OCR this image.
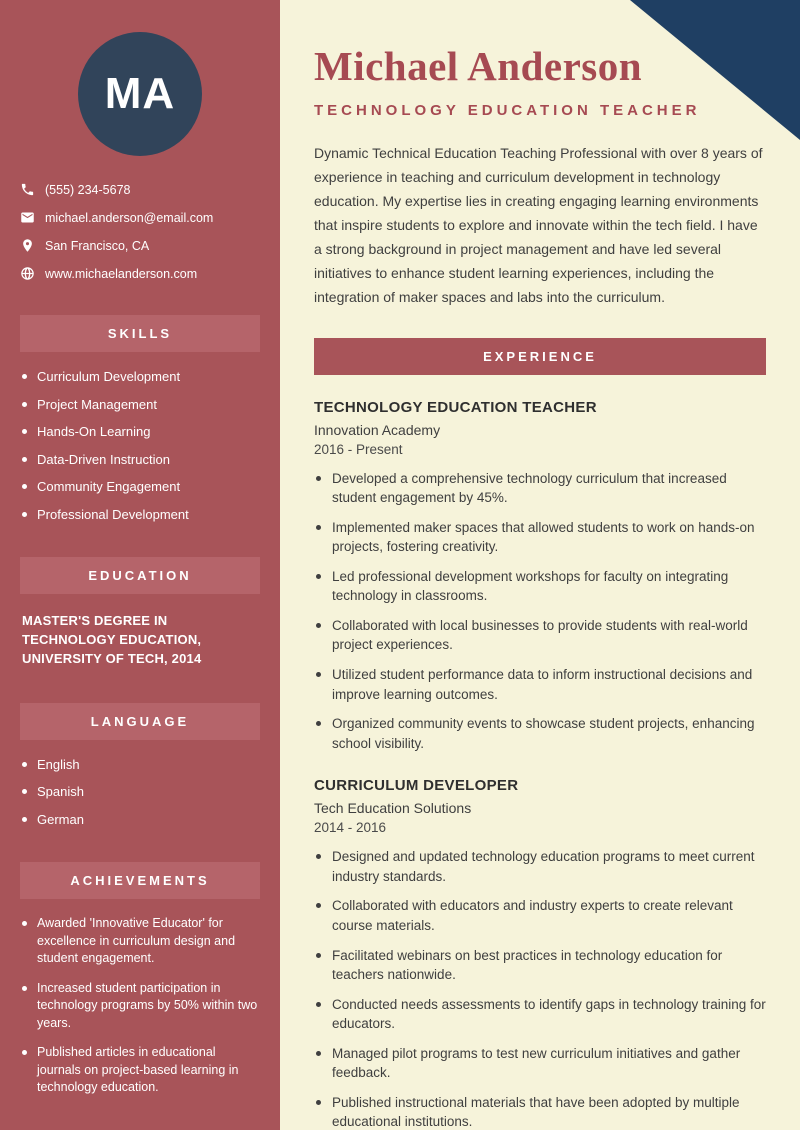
MA
(555) 234-5678
michael.anderson@email.com
San Francisco, CA
www.michaelanderson.com
SKILLS
Curriculum Development
Project Management
Hands-On Learning
Data-Driven Instruction
Community Engagement
Professional Development
EDUCATION
MASTER'S DEGREE IN TECHNOLOGY EDUCATION, UNIVERSITY OF TECH, 2014
LANGUAGE
English
Spanish
German
ACHIEVEMENTS
Awarded 'Innovative Educator' for excellence in curriculum design and student engagement.
Increased student participation in technology programs by 50% within two years.
Published articles in educational journals on project-based learning in technology education.
Michael Anderson
TECHNOLOGY EDUCATION TEACHER

Dynamic Technical Education Teaching Professional with over 8 years of experience in teaching and curriculum development in technology education. My expertise lies in creating engaging learning environments that inspire students to explore and innovate within the tech field. I have a strong background in project management and have led several initiatives to enhance student learning experiences, including the integration of maker spaces and labs into the curriculum.

EXPERIENCE
TECHNOLOGY EDUCATION TEACHER
Innovation Academy
2016 - Present
Developed a comprehensive technology curriculum that increased student engagement by 45%.
Implemented maker spaces that allowed students to work on hands-on projects, fostering creativity.
Led professional development workshops for faculty on integrating technology in classrooms.
Collaborated with local businesses to provide students with real-world project experiences.
Utilized student performance data to inform instructional decisions and improve learning outcomes.
Organized community events to showcase student projects, enhancing school visibility.
CURRICULUM DEVELOPER
Tech Education Solutions
2014 - 2016
Designed and updated technology education programs to meet current industry standards.
Collaborated with educators and industry experts to create relevant course materials.
Facilitated webinars on best practices in technology education for teachers nationwide.
Conducted needs assessments to identify gaps in technology training for educators.
Managed pilot programs to test new curriculum initiatives and gather feedback.
Published instructional materials that have been adopted by multiple educational institutions.
